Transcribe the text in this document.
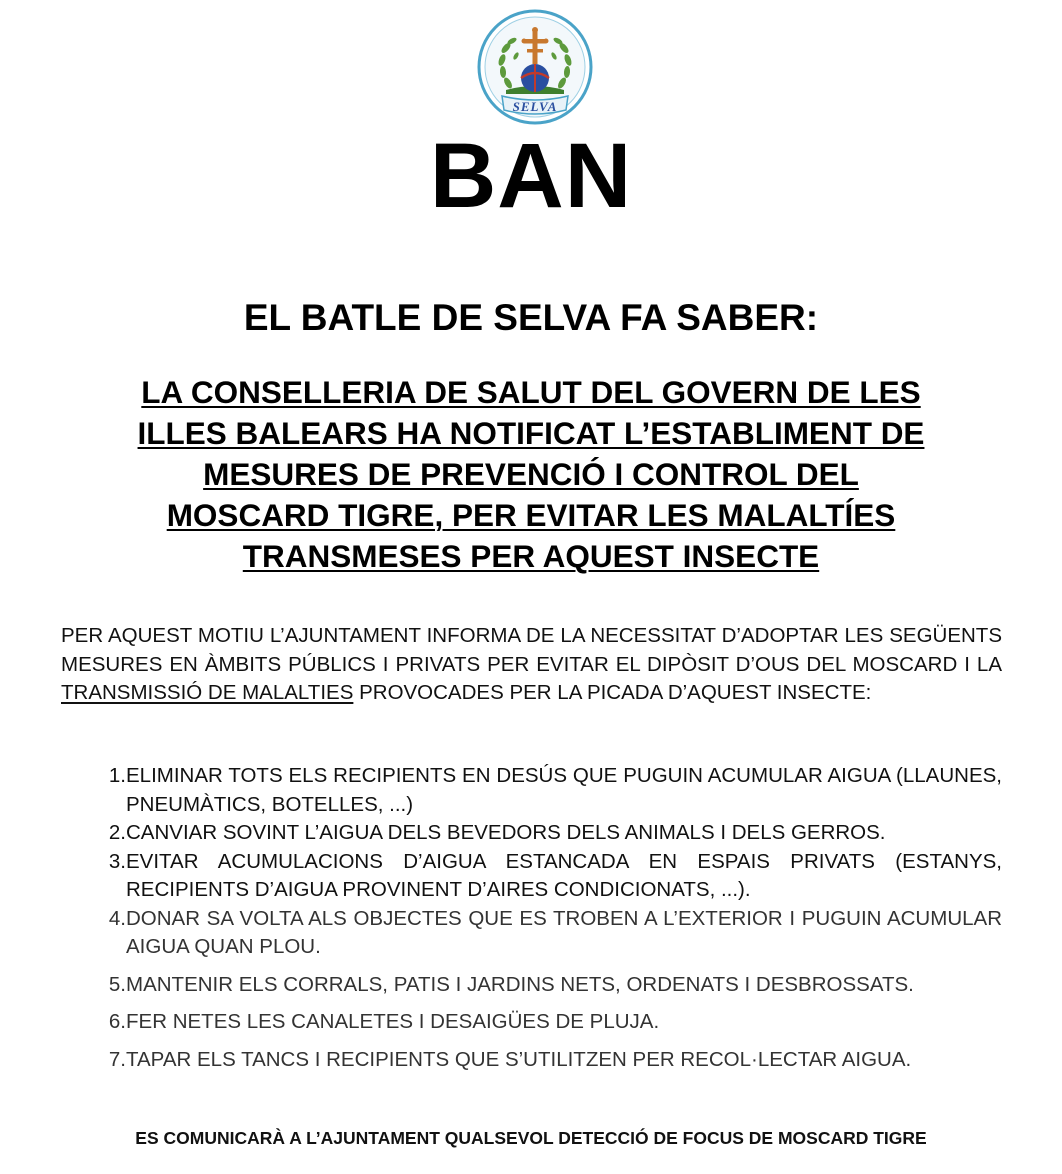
SELVA
BAN
EL BATLE DE SELVA FA SABER:
LA CONSELLERIA DE SALUT DEL GOVERN DE LES
ILLES BALEARS HA NOTIFICAT L’ESTABLIMENT DE
MESURES DE PREVENCIÓ I CONTROL DEL
MOSCARD TIGRE, PER EVITAR LES MALALTÍES
TRANSMESES PER AQUEST INSECTE
PER AQUEST MOTIU L’AJUNTAMENT INFORMA DE LA NECESSITAT D’ADOPTAR LES SEGÜENTS MESURES EN ÀMBITS PÚBLICS I PRIVATS PER EVITAR EL DIPÒSIT D’OUS DEL MOSCARD I LA TRANSMISSIÓ DE MALALTIES PROVOCADES PER LA PICADA D’AQUEST INSECTE:
1. ELIMINAR TOTS ELS RECIPIENTS EN DESÚS QUE PUGUIN ACUMULAR AIGUA (LLAUNES, PNEUMÀTICS, BOTELLES, ...)
2. CANVIAR SOVINT L’AIGUA DELS BEVEDORS DELS ANIMALS I DELS GERROS.
3. EVITAR ACUMULACIONS D’AIGUA ESTANCADA EN ESPAIS PRIVATS (ESTANYS, RECIPIENTS D’AIGUA PROVINENT D’AIRES CONDICIONATS, ...).
4. DONAR SA VOLTA ALS OBJECTES QUE ES TROBEN A L’EXTERIOR I PUGUIN ACUMULAR AIGUA QUAN PLOU.
5. MANTENIR ELS CORRALS, PATIS I JARDINS NETS, ORDENATS I DESBROSSATS.
6. FER NETES LES CANALETES I DESAIGÜES DE PLUJA.
7. TAPAR ELS TANCS I RECIPIENTS QUE S’UTILITZEN PER RECOL·LECTAR AIGUA.
ES COMUNICARÀ A L’AJUNTAMENT QUALSEVOL DETECCIÓ DE FOCUS DE MOSCARD TIGRE
